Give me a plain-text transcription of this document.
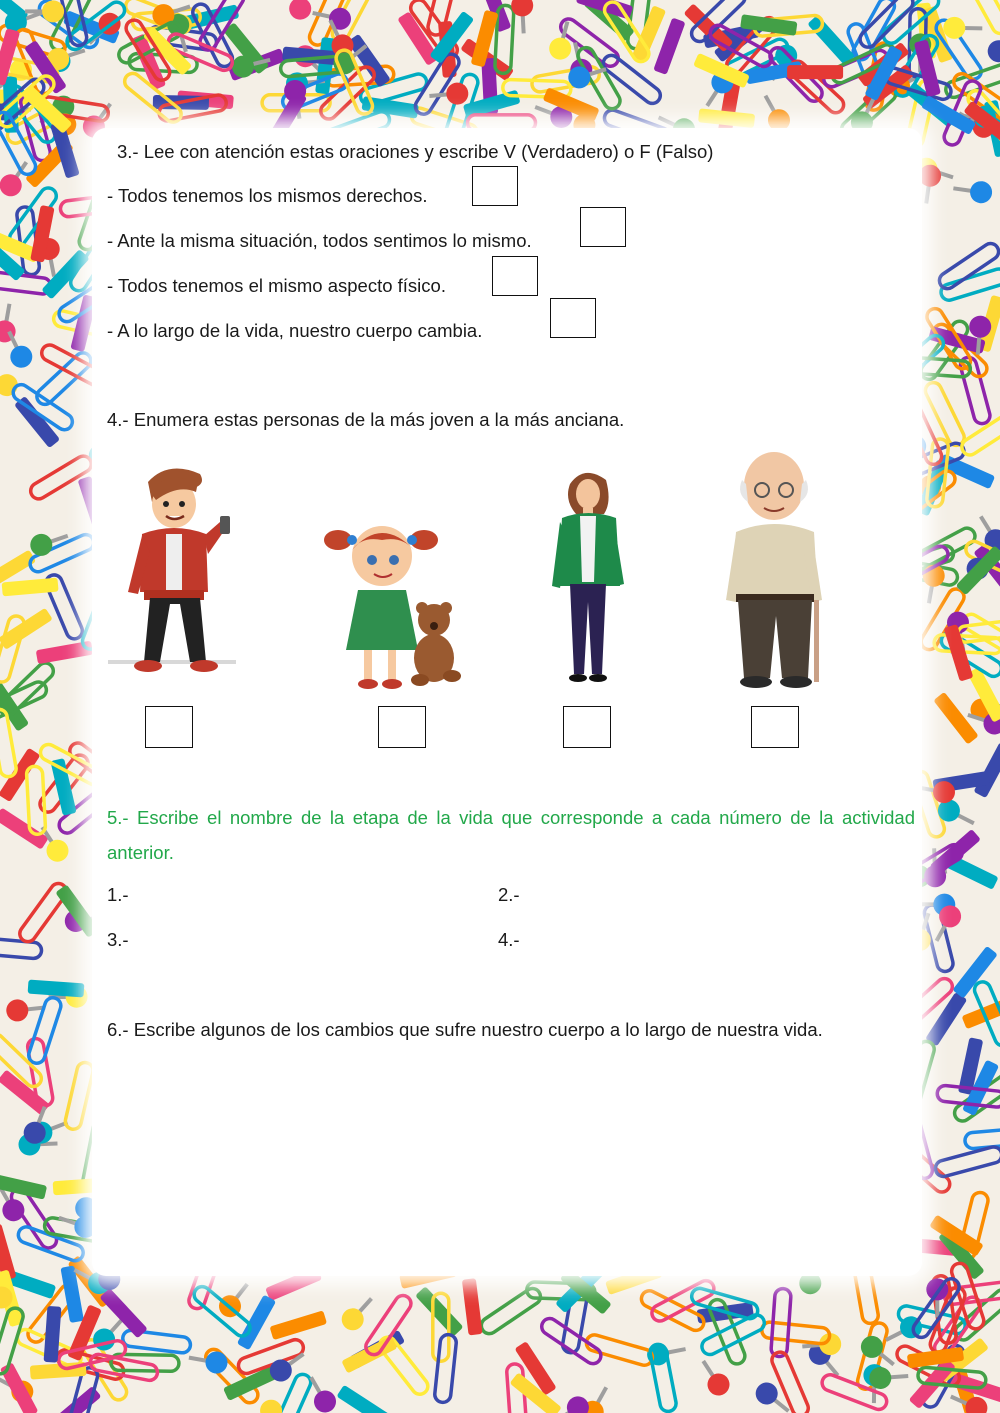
3.- Lee con atención estas oraciones y escribe V (Verdadero) o F (Falso)
- Todos tenemos los mismos derechos.
- Ante la misma situación, todos sentimos lo mismo.
- Todos tenemos el mismo aspecto físico.
- A lo largo de la vida, nuestro cuerpo cambia.
4.- Enumera estas personas de la más joven a la más anciana.
5.- Escribe el nombre de la etapa de la vida que corresponde a cada número de la actividad anterior.
1.-	2.-
3.-	4.-
6.- Escribe algunos de los cambios que sufre nuestro cuerpo a lo largo de nuestra vida.
